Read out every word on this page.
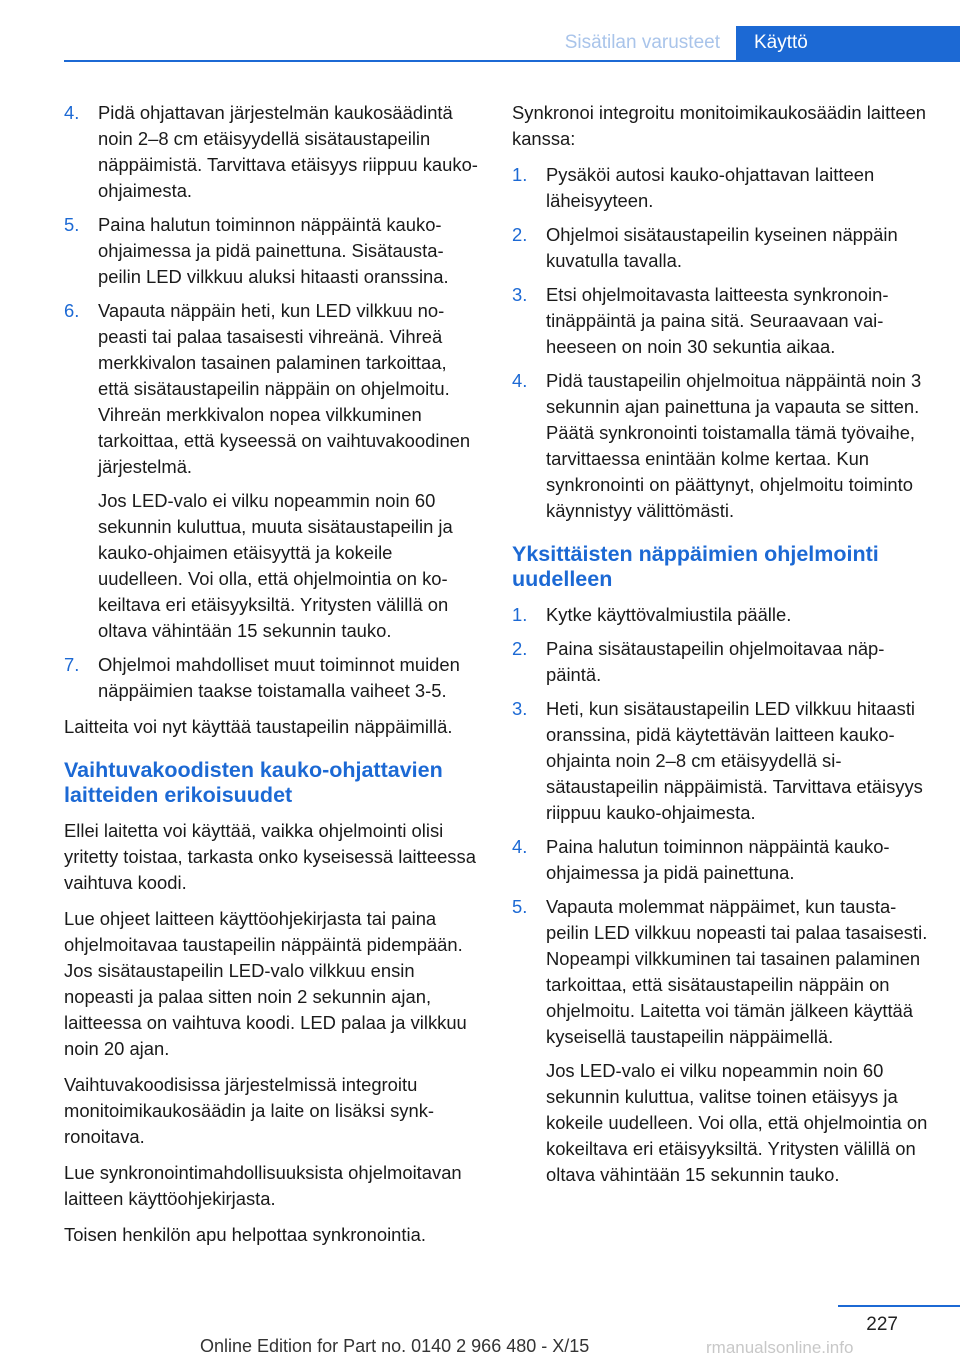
Sisätilan varusteet	Käyttö
4. Pidä ohjattavan järjestelmän kaukosäädintä noin 2–8 cm etäisyydellä sisätaustapeilin näppäimistä. Tarvittava etäisyys riippuu kauko-ohjaimesta.
5. Paina halutun toiminnon näppäintä kauko-ohjaimessa ja pidä painettuna. Sisätaustapeilin LED vilkkuu aluksi hitaasti oranssina.
6. Vapauta näppäin heti, kun LED vilkkuu nopeasti tai palaa tasaisesti vihreänä. Vihreä merkkivalon tasainen palaminen tarkoittaa, että sisätaustapeilin näppäin on ohjelmoitu. Vihreän merkkivalon nopea vilkkuminen tarkoittaa, että kyseessä on vaihtuvakoodinen järjestelmä.

Jos LED-valo ei vilku nopeammin noin 60 sekunnin kuluttua, muuta sisätaustapeilin ja kauko-ohjaimen etäisyyttä ja kokeile uudelleen. Voi olla, että ohjelmointia on kokeiltava eri etäisyyksiltä. Yritysten välillä on oltava vähintään 15 sekunnin tauko.

7. Ohjelmoi mahdolliset muut toiminnot muiden näppäimien taakse toistamalla vaiheet 3-5.

Laitteita voi nyt käyttää taustapeilin näppäimillä.

Vaihtuvakoodisten kauko-ohjattavien laitteiden erikoisuudet

Ellei laitetta voi käyttää, vaikka ohjelmointi olisi yritetty toistaa, tarkasta onko kyseisessä laitteessa vaihtuva koodi.

Lue ohjeet laitteen käyttöohjekirjasta tai paina ohjelmoitavaa taustapeilin näppäintä pidempään. Jos sisätaustapeilin LED-valo vilkkuu ensin nopeasti ja palaa sitten noin 2 sekunnin ajan, laitteessa on vaihtuva koodi. LED palaa ja vilkkuu noin 20 ajan.

Vaihtuvakoodisissa järjestelmissä integroitu monitoimikaukosäädin ja laite on lisäksi synkronoitava.

Lue synkronointimahdollisuuksista ohjelmoitavan laitteen käyttöohjekirjasta.

Toisen henkilön apu helpottaa synkronointia.

Synkronoi integroitu monitoimikaukosäädin laitteen kanssa:

1. Pysäköi autosi kauko-ohjattavan laitteen läheisyyteen.
2. Ohjelmoi sisätaustapeilin kyseinen näppäin kuvatulla tavalla.
3. Etsi ohjelmoitavasta laitteesta synkronointinäppäintä ja paina sitä. Seuraavaan vaiheeseen on noin 30 sekuntia aikaa.
4. Pidä taustapeilin ohjelmoitua näppäintä noin 3 sekunnin ajan painettuna ja vapauta se sitten. Päätä synkronointi toistamalla tämä työvaihe, tarvittaessa enintään kolme kertaa. Kun synkronointi on päättynyt, ohjelmoitu toiminto käynnistyy välittömästi.
Yksittäisten näppäimien ohjelmointi uudelleen
1. Kytke käyttövalmiustila päälle.
2. Paina sisätaustapeilin ohjelmoitavaa näppäintä.
3. Heti, kun sisätaustapeilin LED vilkkuu hitaasti oranssina, pidä käytettävän laitteen kauko-ohjainta noin 2–8 cm etäisyydellä sisätaustapeilin näppäimistä. Tarvittava etäisyys riippuu kauko-ohjaimesta.
4. Paina halutun toiminnon näppäintä kauko-ohjaimessa ja pidä painettuna.
5. Vapauta molemmat näppäimet, kun taustapeilin LED vilkkuu nopeasti tai palaa tasaisesti. Nopeampi vilkkuminen tai tasainen palaminen tarkoittaa, että sisätaustapeilin näppäin on ohjelmoitu. Laitetta voi tämän jälkeen käyttää kyseisellä taustapeilin näppäimellä.

Jos LED-valo ei vilku nopeammin noin 60 sekunnin kuluttua, valitse toinen etäisyys ja kokeile uudelleen. Voi olla, että ohjelmointia on kokeiltava eri etäisyyksiltä. Yritysten välillä on oltava vähintään 15 sekunnin tauko.

227
Online Edition for Part no. 0140 2 966 480 - X/15	rmanualsonline.info
